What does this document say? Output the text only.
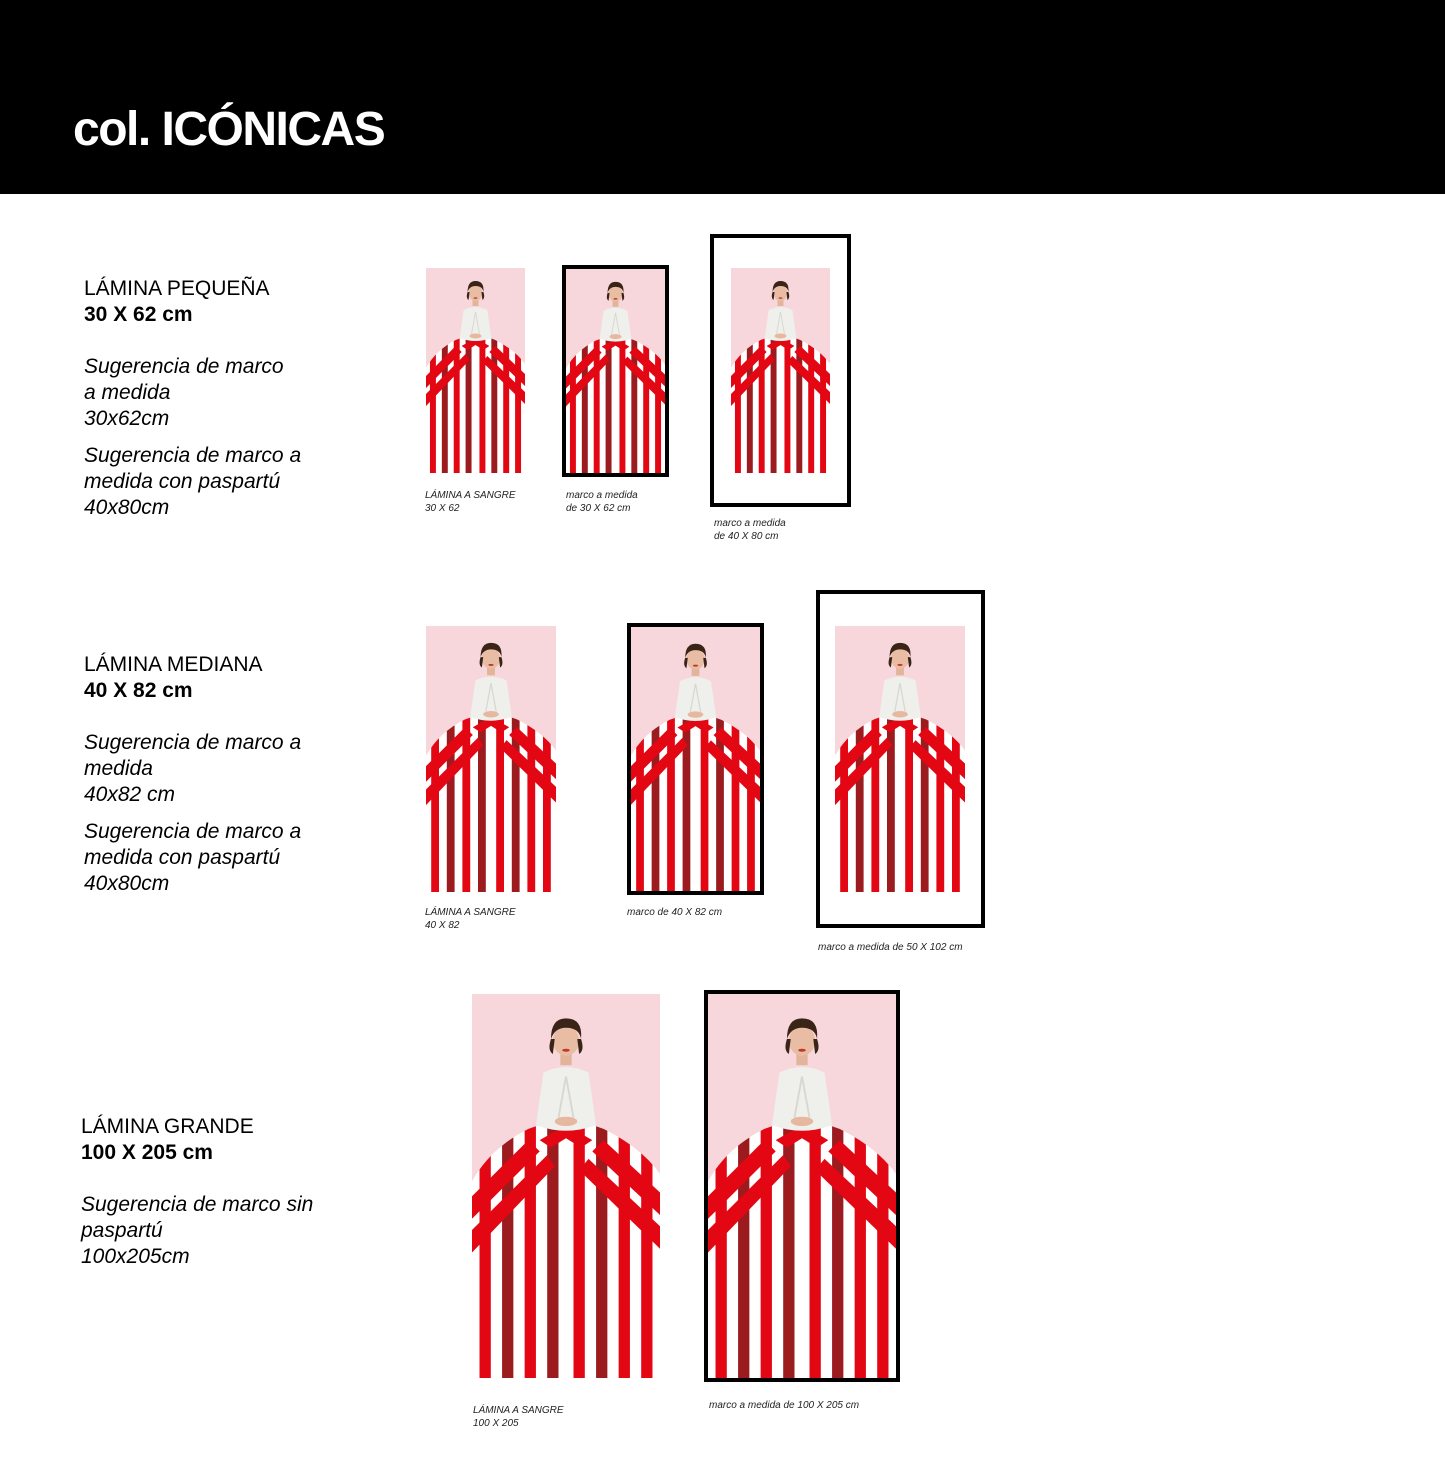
col. ICÓNICAS
LÁMINA PEQUEÑA
30 X 62 cm
Sugerencia de marco
a medida
30x62cm
Sugerencia de marco a
medida con paspartú
40x80cm
LÁMINA MEDIANA
40 X 82 cm
Sugerencia de marco a
medida
40x82 cm
Sugerencia de marco a
medida con paspartú
40x80cm
LÁMINA GRANDE
100 X 205 cm
Sugerencia de marco sin
paspartú
100x205cm
LÁMINA A SANGRE
30 X 62
marco a medida
de 30 X 62 cm
marco a medida
de 40 X 80 cm
LÁMINA A SANGRE
40 X 82
marco de 40 X 82 cm
marco a medida de 50 X 102 cm
LÁMINA A SANGRE
100 X 205
marco a medida de 100 X 205 cm
